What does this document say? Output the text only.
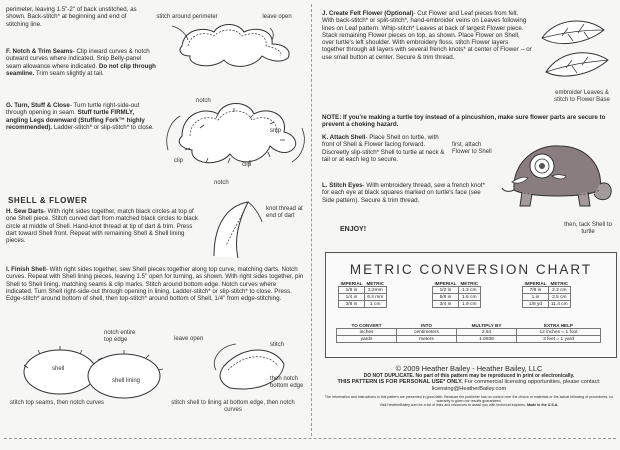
perimeter, leaving 1.5"-2" of back unstitched, as shown. Back-stitch* at beginning and end of stitching line.

stitch around perimeter	leave open

F. Notch & Trim Seams- Clip inward curves & notch outward curves where indicated. Snip Belly-panel seam allowance where indicated. Do not clip through seamline. Trim seam slightly at tail.

G. Turn, Stuff & Close- Turn turtle right-side-out through opening in seam. Stuff turtle FIRMLY, angling Legs downward (Stuffing Fork™ highly recommended). Ladder-stitch* or slip-stitch* to close.

notch
snip
clip
clip
notch
SHELL & FLOWER

H. Sew Darts- With right sides together, match black circles at top of one Shell piece. Stitch curved dart from matched black circles to black circle at middle of Shell. Hand-knot thread at tip of dart & trim. Press dart toward Shell front. Repeat with remaining Shell & Shell lining pieces.

knot thread at end of dart

I. Finish Shell- With right sides together, sew Shell pieces together along top curve, matching darts. Notch curves. Repeat with Shell lining pieces, leaving 1.5" open for turning, as shown. With right sides together, pin Shell to Shell lining, matching seams & clip marks. Stitch around bottom edge. Notch curves where indicated. Turn Shell right-side-out through opening in lining. Ladder-stitch* or slip-stitch* to close. Press. Edge-stitch* around bottom of shell, then top-stitch* around bottom of Shell, 1/4" from edge-stitching.

notch entire top edge	leave open
stitch
shell
shell lining	then notch bottom edge
stitch top seams, then notch curves	stitch shell to lining at bottom edge, then notch curves

J. Create Felt Flower (Optional)- Cut Flower and Leaf pieces from felt. With back-stitch* or split-stitch*, hand-embroider veins on Leaves following lines on Leaf pattern. Whip-stitch* Leaves at back of largest Flower piece. Stack remaining Flower pieces on top, as shown. Place Flower on Shell, over turtle's left shoulder. With embroidery floss, stitch Flower layers together through all layers with several french knots* at center of Flower -- or use small button at center. Secure & trim thread.

embroider Leaves & stitch to Flower Base

NOTE: If you're making a turtle toy instead of a pincushion, make sure flower parts are secure to prevent a choking hazard.

K. Attach Shell- Place Shell on turtle, with front of Shell & Flower facing forward. Discreetly slip-stitch* Shell to turtle at neck & tail or at each leg to secure.

first, attach Flower to Shell
then, tack Shell to turtle

L. Stitch Eyes- With embroidery thread, sew a french knot* for each eye at black squares marked on turtle's face (see Side pattern). Secure & trim thread.

ENJOY!
METRIC CONVERSION CHART
IMPERIAL	METRIC
1/8 in	3.2mm
1/4 in	6.4 mm
3/8 in	1 cm
IMPERIAL	METRIC
1/2 in	1.3 cm
5/8 in	1.6 cm
3/4 in	1.9 cm
IMPERIAL	METRIC
7/8 in	2.2 cm
1 in	2.5 cm
1/8 yd	11.4 cm
TO CONVERT	INTO	MULTIPLY BY	EXTRA HELP
inches	centimeters	2.54	12 inches = 1 foot
yards	meters	1.0936	3 feet = 1 yard

© 2009 Heather Bailey - Heather Bailey, LLC

DO NOT DUPLICATE. No part of this pattern may be reproduced in print or electronically.

THIS PATTERN IS FOR PERSONAL USE* ONLY. For commercial licensing opportunities, please contact: licensing@HeatherBailey.com

The information and instructions in this pattern are presented in good faith. Because the publisher has no control over the choice of materials or the actual following of procedures, no warranty is given nor results guaranteed.

Visit HeatherBailey.com for a list of links and resources to assist you with technical inquiries. Made in the U.S.A.
